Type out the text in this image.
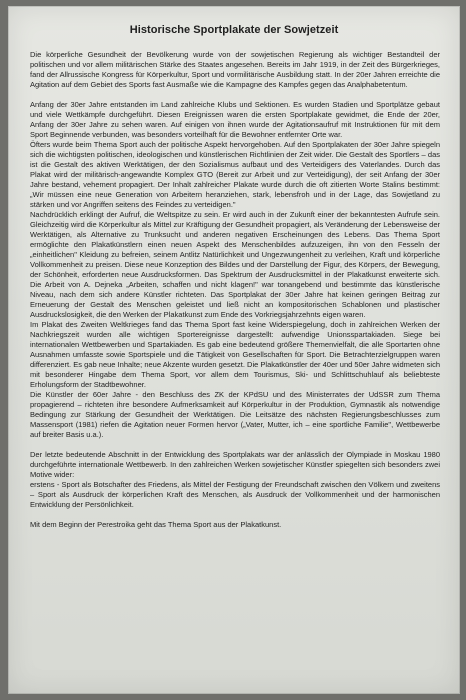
Historische Sportplakate der Sowjetzeit

Die körperliche Gesundheit der Bevölkerung wurde von der sowjetischen Regierung als wichtiger Bestandteil der politischen und vor allem militärischen Stärke des Staates angesehen. Bereits im Jahr 1919, in der Zeit des Bürgerkrieges, fand der Allrussische Kongress für Körperkultur, Sport und vormilitärische Ausbildung statt. In der 20er Jahren erreichte die Agitation auf dem Gebiet des Sports fast Ausmaße wie die Kampagne des Kampfes gegen das Analphabetentum.

Anfang der 30er Jahre entstanden im Land zahlreiche Klubs und Sektionen. Es wurden Stadien und Sportplätze gebaut und viele Wettkämpfe durchgeführt. Diesen Ereignissen waren die ersten Sportplakate gewidmet, die Ende der 20er, Anfang der 30er Jahre zu sehen waren. Auf einigen von ihnen wurde der Agitationsaufruf mit Instruktionen für mit dem Sport Beginnende verbunden, was besonders vorteilhaft für die Bewohner entfernter Orte war.

Öfters wurde beim Thema Sport auch der politische Aspekt hervorgehoben. Auf den Sportplakaten der 30er Jahre spiegeln sich die wichtigsten politischen, ideologischen und künstlerischen Richtlinien der Zeit wider. Die Gestalt des Sportlers – das ist die Gestalt des aktiven Werktätigen, der den Sozialismus aufbaut und des Verteidigers des Vaterlandes. Durch das Plakat wird der militärisch-angewandte Komplex GTO (Bereit zur Arbeit und zur Verteidigung), der seit Anfang der 30er Jahre bestand, vehement propagiert. Der Inhalt zahlreicher Plakate wurde durch die oft zitierten Worte Stalins bestimmt: „Wir müssen eine neue Generation von Arbeitern heranziehen, stark, lebensfroh und in der Lage, das Sowjetland zu stärken und vor Angriffen seitens des Feindes zu verteidigen."

Nachdrücklich erklingt der Aufruf, die Weltspitze zu sein. Er wird auch in der Zukunft einer der bekanntesten Aufrufe sein. Gleichzeitig wird die Körperkultur als Mittel zur Kräftigung der Gesundheit propagiert, als Veränderung der Lebensweise der Werktätigen, als Alternative zu Trunksucht und anderen negativen Erscheinungen des Lebens. Das Thema Sport ermöglichte den Plakatkünstlern einen neuen Aspekt des Menschenbildes aufzuzeigen, ihn von den Fesseln der „einheitlichen" Kleidung zu befreien, seinem Antlitz Natürlichkeit und Ungezwungenheit zu verleihen, Kraft und körperliche Vollkommenheit zu preisen. Diese neue Konzeption des Bildes und der Darstellung der Figur, des Körpers, der Bewegung, der Schönheit, erforderten neue Ausdrucksformen. Das Spektrum der Ausdrucksmittel in der Plakatkunst erweiterte sich. Die Arbeit von A. Dejneka „Arbeiten, schaffen und nicht klagen!" war tonangebend und bestimmte das künstlerische Niveau, nach dem sich andere Künstler richteten. Das Sportplakat der 30er Jahre hat keinen geringen Beitrag zur Erneuerung der Gestalt des Menschen geleistet und ließ nicht an kompositorischen Schablonen und plastischer Ausdruckslosigkeit, die den Werken der Plakatkunst zum Ende des Vorkriegsjahrzehnts eigen waren.

Im Plakat des Zweiten Weltkrieges fand das Thema Sport fast keine Widerspiegelung, doch in zahlreichen Werken der Nachkriegszeit wurden alle wichtigen Sportereignisse dargestellt: aufwendige Unionsspartakiaden. Siege bei internationalen Wettbewerben und Spartakiaden. Es gab eine bedeutend größere Themenvielfalt, die alle Sportarten ohne Ausnahmen umfasste sowie Sportspiele und die Tätigkeit von Gesellschaften für Sport. Die Betrachterzielgruppen waren differenziert. Es gab neue Inhalte; neue Akzente wurden gesetzt. Die Plakatkünstler der 40er und 50er Jahre widmeten sich mit besonderer Hingabe dem Thema Sport, vor allem dem Tourismus, Ski- und Schlittschuhlauf als beliebteste Erholungsform der Stadtbewohner.

Die Künstler der 60er Jahre - den Beschluss des ZK der KPdSU und des Ministerrates der UdSSR zum Thema propagierend – richteten ihre besondere Aufmerksamkeit auf Körperkultur in der Produktion, Gymnastik als notwendige Bedingung zur Stärkung der Gesundheit der Werktätigen. Die Leitsätze des nächsten Regierungsbeschlusses zum Massensport (1981) riefen die Agitation neuer Formen hervor („Vater, Mutter, ich – eine sportliche Familie", Wettbewerbe auf breiter Basis u.a.).

Der letzte bedeutende Abschnitt in der Entwicklung des Sportplakats war der anlässlich der Olympiade in Moskau 1980 durchgeführte internationale Wettbewerb. In den zahlreichen Werken sowjetischer Künstler spiegelten sich besonders zwei Motive wider:

erstens - Sport als Botschafter des Friedens, als Mittel der Festigung der Freundschaft zwischen den Völkern und zweitens – Sport als Ausdruck der körperlichen Kraft des Menschen, als Ausdruck der Vollkommenheit und der harmonischen Entwicklung der Persönlichkeit.

Mit dem Beginn der Perestroika geht das Thema Sport aus der Plakatkunst.
